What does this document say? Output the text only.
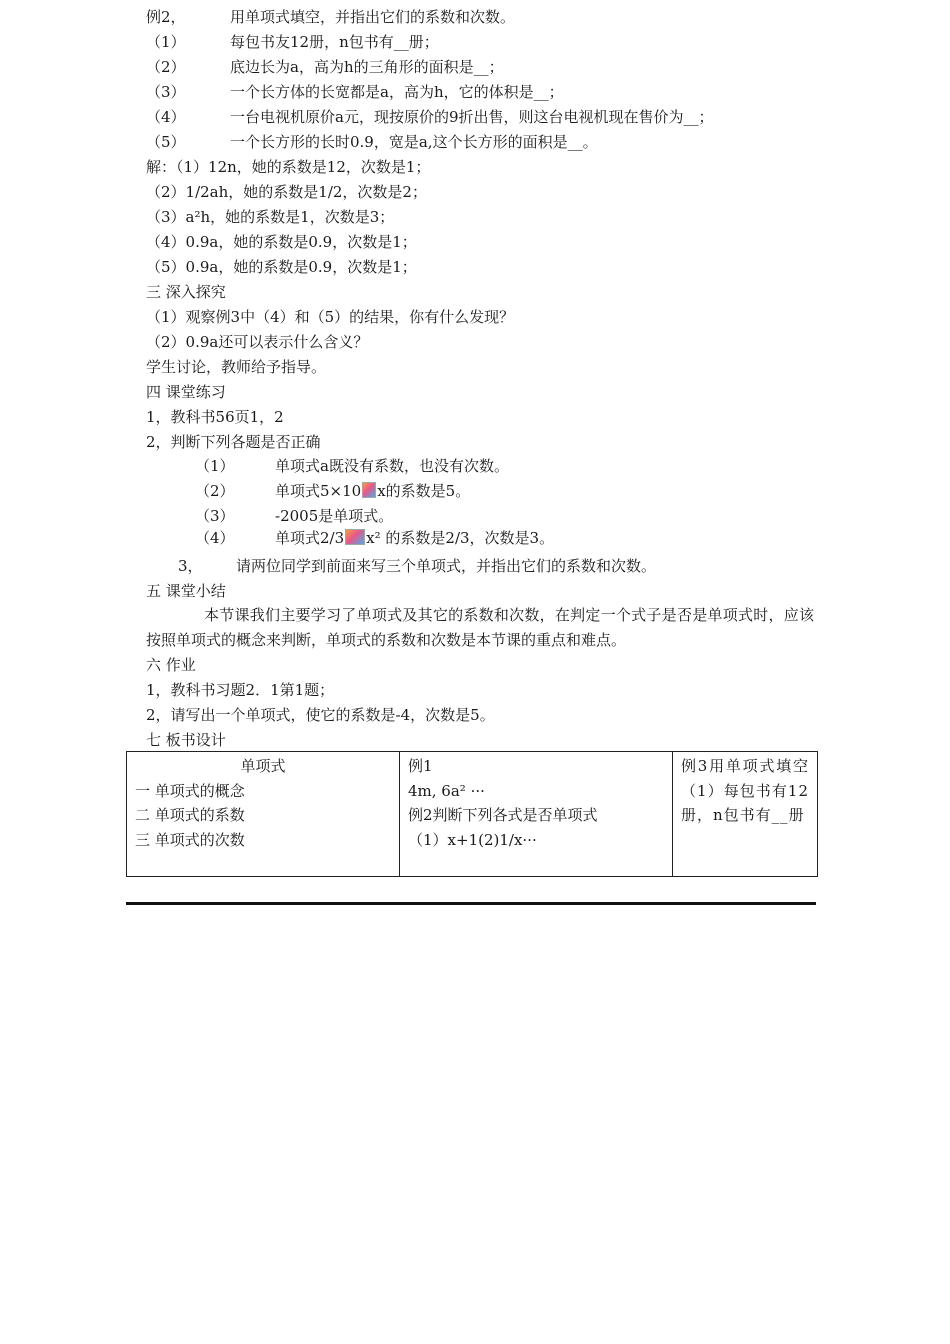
例2，	用单项式填空，并指出它们的系数和次数。
（1）	每包书友12册，n包书有__册；
（2）	底边长为a，高为h的三角形的面积是__；
（3）	一个长方体的长宽都是a，高为h，它的体积是__；
（4）	一台电视机原价a元，现按原价的9折出售，则这台电视机现在售价为__；
（5）	一个长方形的长时0.9，宽是a,这个长方形的面积是__。
解：（1）12n，她的系数是12，次数是1；
（2）1/2ah，她的系数是1/2，次数是2；
（3）a²h，她的系数是1，次数是3；
（4）0.9a，她的系数是0.9，次数是1；
（5）0.9a，她的系数是0.9，次数是1；
三 深入探究
（1）观察例3中（4）和（5）的结果，你有什么发现？
（2）0.9a还可以表示什么含义？
学生讨论，教师给予指导。
四 课堂练习
1，教科书56页1，2
2，判断下列各题是否正确
（1）	单项式a既没有系数，也没有次数。
（2）	单项式5×10 x的系数是5。
（3）	-2005是单项式。
（4）	单项式2/3 x² 的系数是2/3，次数是3。
3， 请两位同学到前面来写三个单项式，并指出它们的系数和次数。
五 课堂小结
本节课我们主要学习了单项式及其它的系数和次数，在判定一个式子是否是单项式时，应该按照单项式的概念来判断，单项式的系数和次数是本节课的重点和难点。
六 作业
1，教科书习题2．1第1题；
2，请写出一个单项式，使它的系数是-4，次数是5。
七 板书设计
单项式
一 单项式的概念
二 单项式的系数
三 单项式的次数

例1
4m, 6a² ···
例2判断下列各式是否单项式
（1）x+1(2)1/x···

例3用单项式填空（1）每包书有12册，n包书有__册
